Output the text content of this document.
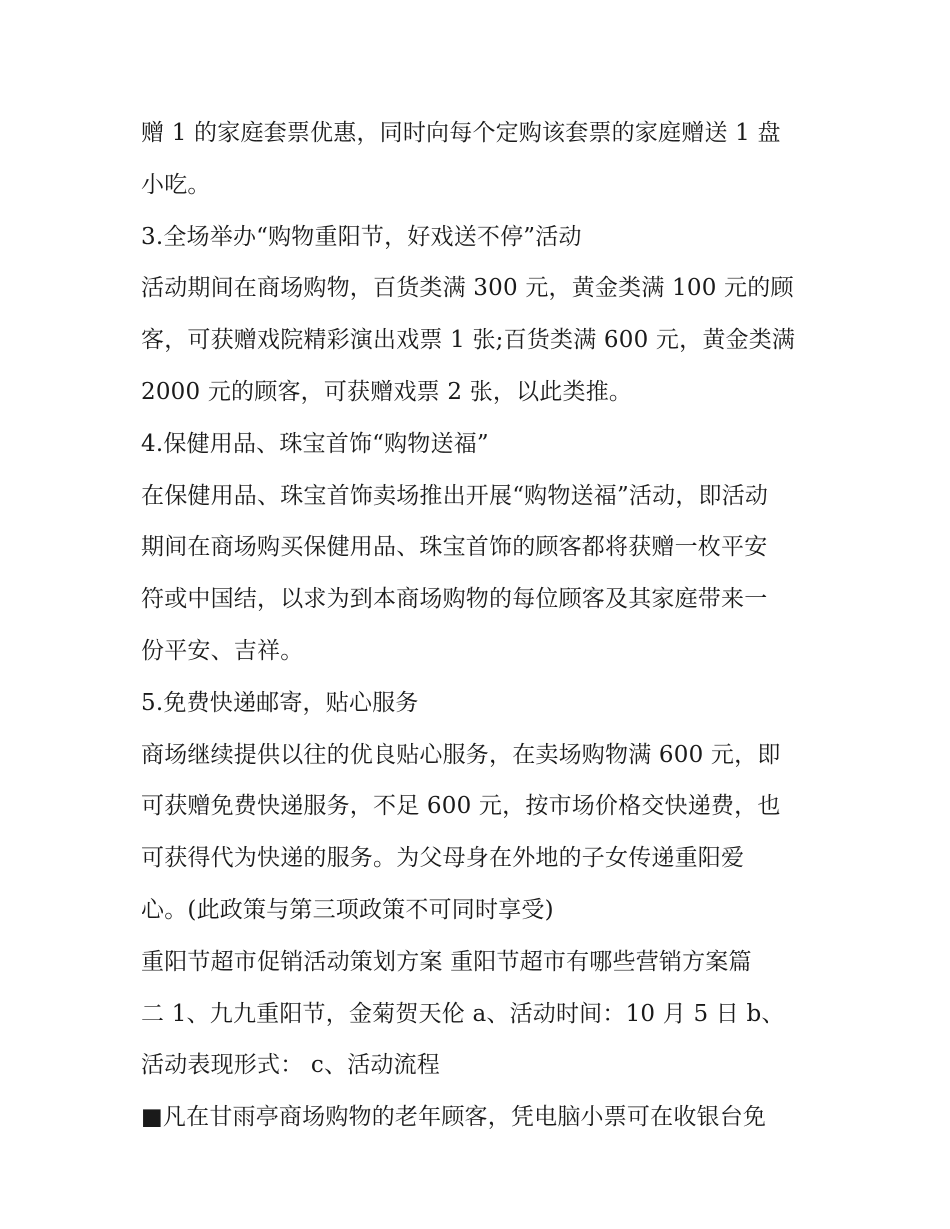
赠 1 的家庭套票优惠，同时向每个定购该套票的家庭赠送 1 盘
小吃。
3.全场举办“购物重阳节，好戏送不停”活动
活动期间在商场购物，百货类满 300 元，黄金类满 100 元的顾
客，可获赠戏院精彩演出戏票 1 张;百货类满 600 元，黄金类满
2000 元的顾客，可获赠戏票 2 张，以此类推。
4.保健用品、珠宝首饰“购物送福”
在保健用品、珠宝首饰卖场推出开展“购物送福”活动，即活动
期间在商场购买保健用品、珠宝首饰的顾客都将获赠一枚平安
符或中国结，以求为到本商场购物的每位顾客及其家庭带来一
份平安、吉祥。
5.免费快递邮寄，贴心服务
商场继续提供以往的优良贴心服务，在卖场购物满 600 元，即
可获赠免费快递服务，不足 600 元，按市场价格交快递费，也
可获得代为快递的服务。为父母身在外地的子女传递重阳爱
心。(此政策与第三项政策不可同时享受)
重阳节超市促销活动策划方案 重阳节超市有哪些营销方案篇
二 1、九九重阳节，金菊贺天伦 a、活动时间：10 月 5 日 b、
活动表现形式： c、活动流程
■凡在甘雨亭商场购物的老年顾客，凭电脑小票可在收银台免
